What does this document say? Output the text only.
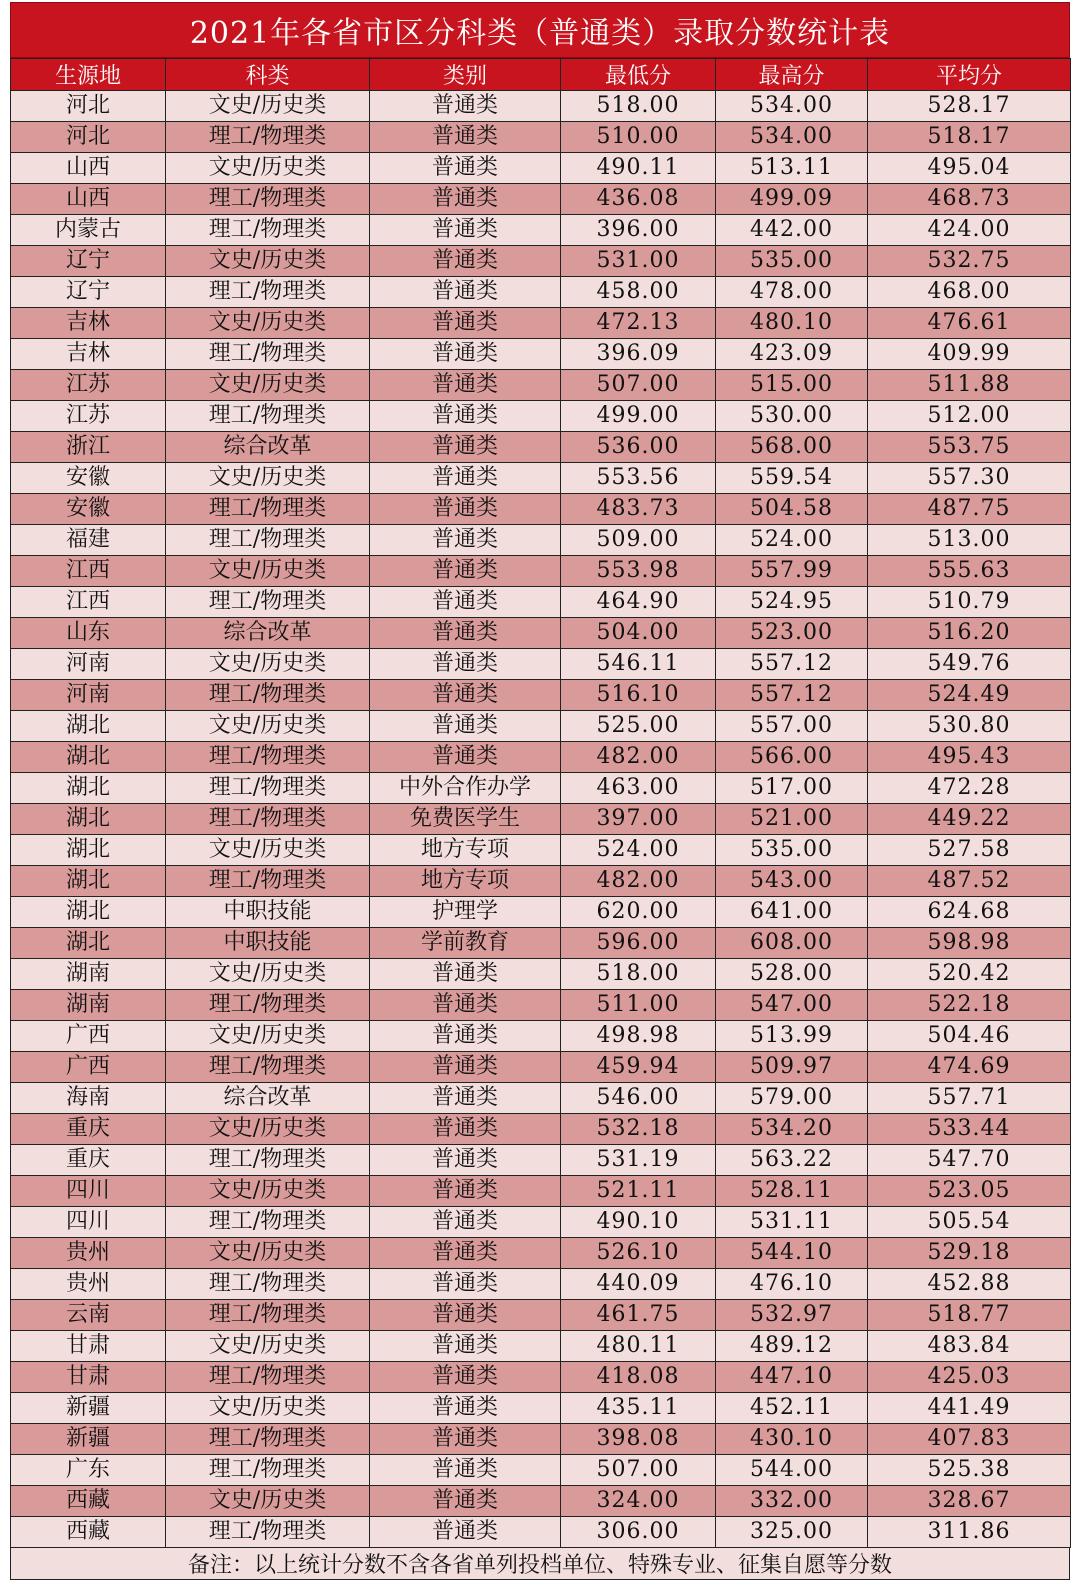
2021年各省市区分科类（普通类）录取分数统计表
生源地	科类	类别	最低分	最高分	平均分
河北	文史/历史类	普通类	518.00	534.00	528.17
河北	理工/物理类	普通类	510.00	534.00	518.17
山西	文史/历史类	普通类	490.11	513.11	495.04
山西	理工/物理类	普通类	436.08	499.09	468.73
内蒙古	理工/物理类	普通类	396.00	442.00	424.00
辽宁	文史/历史类	普通类	531.00	535.00	532.75
辽宁	理工/物理类	普通类	458.00	478.00	468.00
吉林	文史/历史类	普通类	472.13	480.10	476.61
吉林	理工/物理类	普通类	396.09	423.09	409.99
江苏	文史/历史类	普通类	507.00	515.00	511.88
江苏	理工/物理类	普通类	499.00	530.00	512.00
浙江	综合改革	普通类	536.00	568.00	553.75
安徽	文史/历史类	普通类	553.56	559.54	557.30
安徽	理工/物理类	普通类	483.73	504.58	487.75
福建	理工/物理类	普通类	509.00	524.00	513.00
江西	文史/历史类	普通类	553.98	557.99	555.63
江西	理工/物理类	普通类	464.90	524.95	510.79
山东	综合改革	普通类	504.00	523.00	516.20
河南	文史/历史类	普通类	546.11	557.12	549.76
河南	理工/物理类	普通类	516.10	557.12	524.49
湖北	文史/历史类	普通类	525.00	557.00	530.80
湖北	理工/物理类	普通类	482.00	566.00	495.43
湖北	理工/物理类	中外合作办学	463.00	517.00	472.28
湖北	理工/物理类	免费医学生	397.00	521.00	449.22
湖北	文史/历史类	地方专项	524.00	535.00	527.58
湖北	理工/物理类	地方专项	482.00	543.00	487.52
湖北	中职技能	护理学	620.00	641.00	624.68
湖北	中职技能	学前教育	596.00	608.00	598.98
湖南	文史/历史类	普通类	518.00	528.00	520.42
湖南	理工/物理类	普通类	511.00	547.00	522.18
广西	文史/历史类	普通类	498.98	513.99	504.46
广西	理工/物理类	普通类	459.94	509.97	474.69
海南	综合改革	普通类	546.00	579.00	557.71
重庆	文史/历史类	普通类	532.18	534.20	533.44
重庆	理工/物理类	普通类	531.19	563.22	547.70
四川	文史/历史类	普通类	521.11	528.11	523.05
四川	理工/物理类	普通类	490.10	531.11	505.54
贵州	文史/历史类	普通类	526.10	544.10	529.18
贵州	理工/物理类	普通类	440.09	476.10	452.88
云南	理工/物理类	普通类	461.75	532.97	518.77
甘肃	文史/历史类	普通类	480.11	489.12	483.84
甘肃	理工/物理类	普通类	418.08	447.10	425.03
新疆	文史/历史类	普通类	435.11	452.11	441.49
新疆	理工/物理类	普通类	398.08	430.10	407.83
广东	理工/物理类	普通类	507.00	544.00	525.38
西藏	文史/历史类	普通类	324.00	332.00	328.67
西藏	理工/物理类	普通类	306.00	325.00	311.86
备注：以上统计分数不含各省单列投档单位、特殊专业、征集自愿等分数
